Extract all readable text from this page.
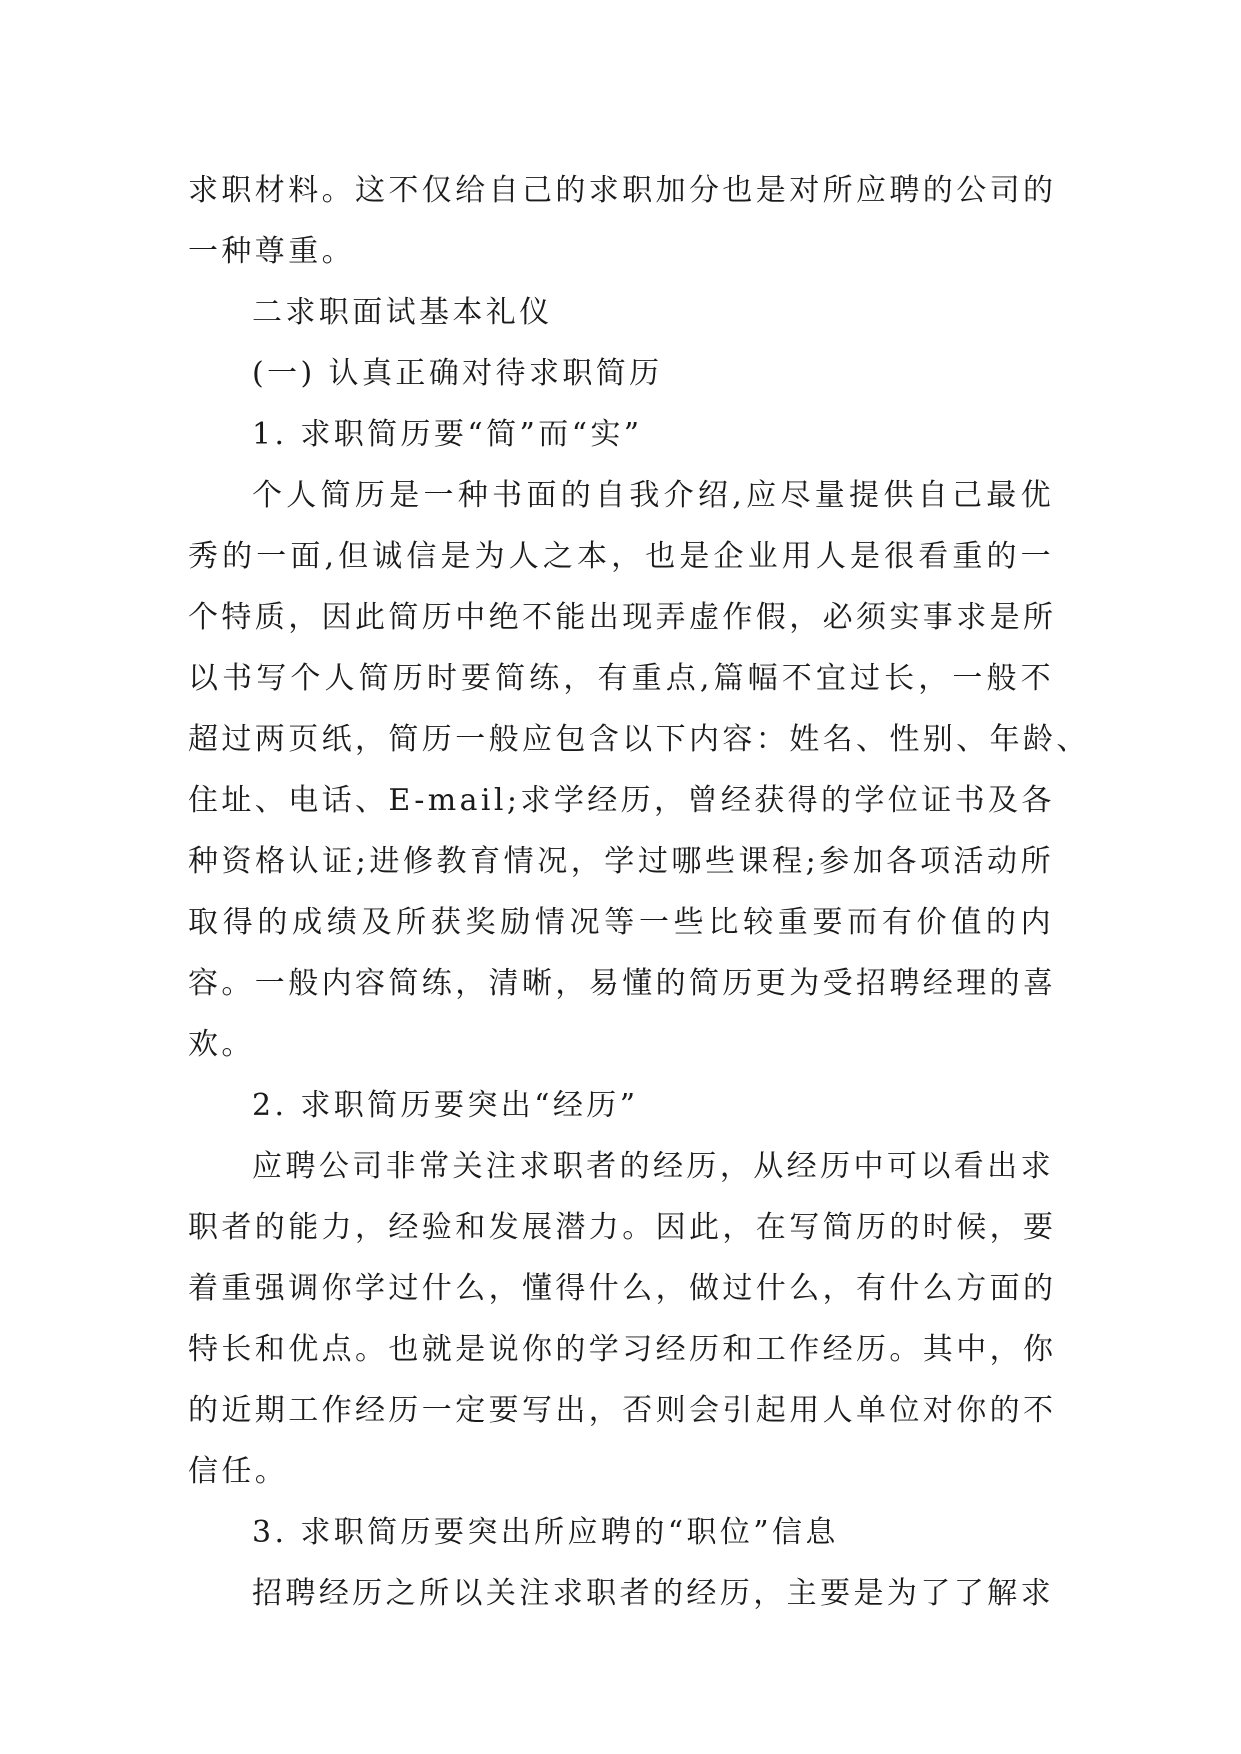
求职材料。这不仅给自己的求职加分也是对所应聘的公司的
一种尊重。
二求职面试基本礼仪
(一) 认真正确对待求职简历
1. 求职简历要“简”而“实”
个人简历是一种书面的自我介绍,应尽量提供自己最优
秀的一面,但诚信是为人之本，也是企业用人是很看重的一
个特质，因此简历中绝不能出现弄虚作假，必须实事求是所
以书写个人简历时要简练，有重点,篇幅不宜过长，一般不
超过两页纸，简历一般应包含以下内容：姓名、性别、年龄、
住址、电话、E-mail;求学经历，曾经获得的学位证书及各
种资格认证;进修教育情况，学过哪些课程;参加各项活动所
取得的成绩及所获奖励情况等一些比较重要而有价值的内
容。一般内容简练，清晰，易懂的简历更为受招聘经理的喜
欢。
2. 求职简历要突出“经历”
应聘公司非常关注求职者的经历，从经历中可以看出求
职者的能力，经验和发展潜力。因此，在写简历的时候，要
着重强调你学过什么，懂得什么，做过什么，有什么方面的
特长和优点。也就是说你的学习经历和工作经历。其中，你
的近期工作经历一定要写出，否则会引起用人单位对你的不
信任。
3. 求职简历要突出所应聘的“职位”信息
招聘经历之所以关注求职者的经历，主要是为了了解求
